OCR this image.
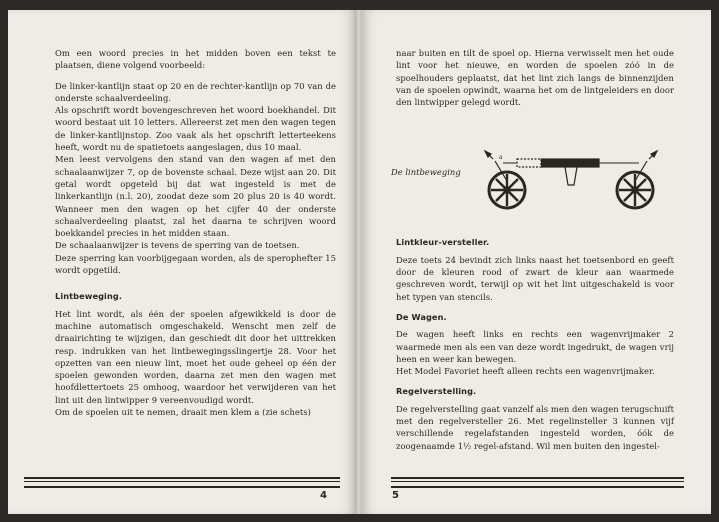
Om een woord precies in het midden boven een tekst te plaatsen, diene volgend voorbeeld:

De linker-kantlijn staat op 20 en de rechter-kantlijn op 70 van de onderste schaalverdeeling.

Als opschrift wordt bovengeschreven het woord boekhandel. Dit woord bestaat uit 10 letters. Allereerst zet men den wagen tegen de linker-kantlijnstop. Zoo vaak als het opschrift letterteekens heeft, wordt nu de spatietoets aangeslagen, dus 10 maal.

Men leest vervolgens den stand van den wagen af met den schaalaanwijzer 7, op de bovenste schaal. Deze wijst aan 20. Dit getal wordt opgeteld bij dat wat ingesteld is met de linkerkantlijn (n.l. 20), zoodat deze som 20 plus 20 is 40 wordt. Wanneer men den wagen op het cijfer 40 der onderste schaalverdeeling plaatst, zal het daarna te schrijven woord boekkandel precies in het midden staan.

De schaalaanwijzer is tevens de sperring van de toetsen.

Deze sperring kan voorbijgegaan worden, als de sperophefter 15 wordt opgetild.

Lintbeweging.

Het lint wordt, als één der spoelen afgewikkeld is door de machine automatisch omgeschakeld. Wenscht men zelf de draairichting te wijzigen, dan geschiedt dit door het uittrekken resp. indrukken van het lintbewegingsslingertje 28. Voor het opzetten van een nieuw lint, moet het oude geheel op één der spoelen gewonden worden, daarna zet men den wagen met hoofdlettertoets 25 omhoog, waardoor het verwijderen van het lint uit den lintwipper 9 vereenvoudigd wordt.

Om de spoelen uit te nemen, draait men klem a (zie schets)

4

naar buiten en tilt de spoel op. Hierna verwisselt men het oude lint voor het nieuwe, en worden de spoelen zóó in de spoelhouders geplaatst, dat het lint zich langs de binnenzijden van de spoelen opwindt, waarna het om de lintgeleiders en door den lintwipper gelegd wordt.

Lintkleur-versteller.

Deze toets 24 bevindt zich links naast het toetsenbord en geeft door de kleuren rood of zwart de kleur aan waarmede geschreven wordt, terwijl op wit het lint uitgeschakeld is voor het typen van stencils.

De Wagen.

De wagen heeft links en rechts een wagenvrijmaker 2 waarmede men als een van deze wordt ingedrukt, de wagen vrij heen en weer kan bewegen.

Het Model Favoriet heeft alleen rechts een wagenvrijmaker.

Regelverstelling.

De regelverstelling gaat vanzelf als men den wagen terugschuift met den regelversteller 26. Met regelinsteller 3 kunnen vijf verschillende regelafstanden ingesteld worden, óók de zoogenaamde 1½ regel-afstand. Wil men buiten den ingestel-

De lintbeweging
a
5
